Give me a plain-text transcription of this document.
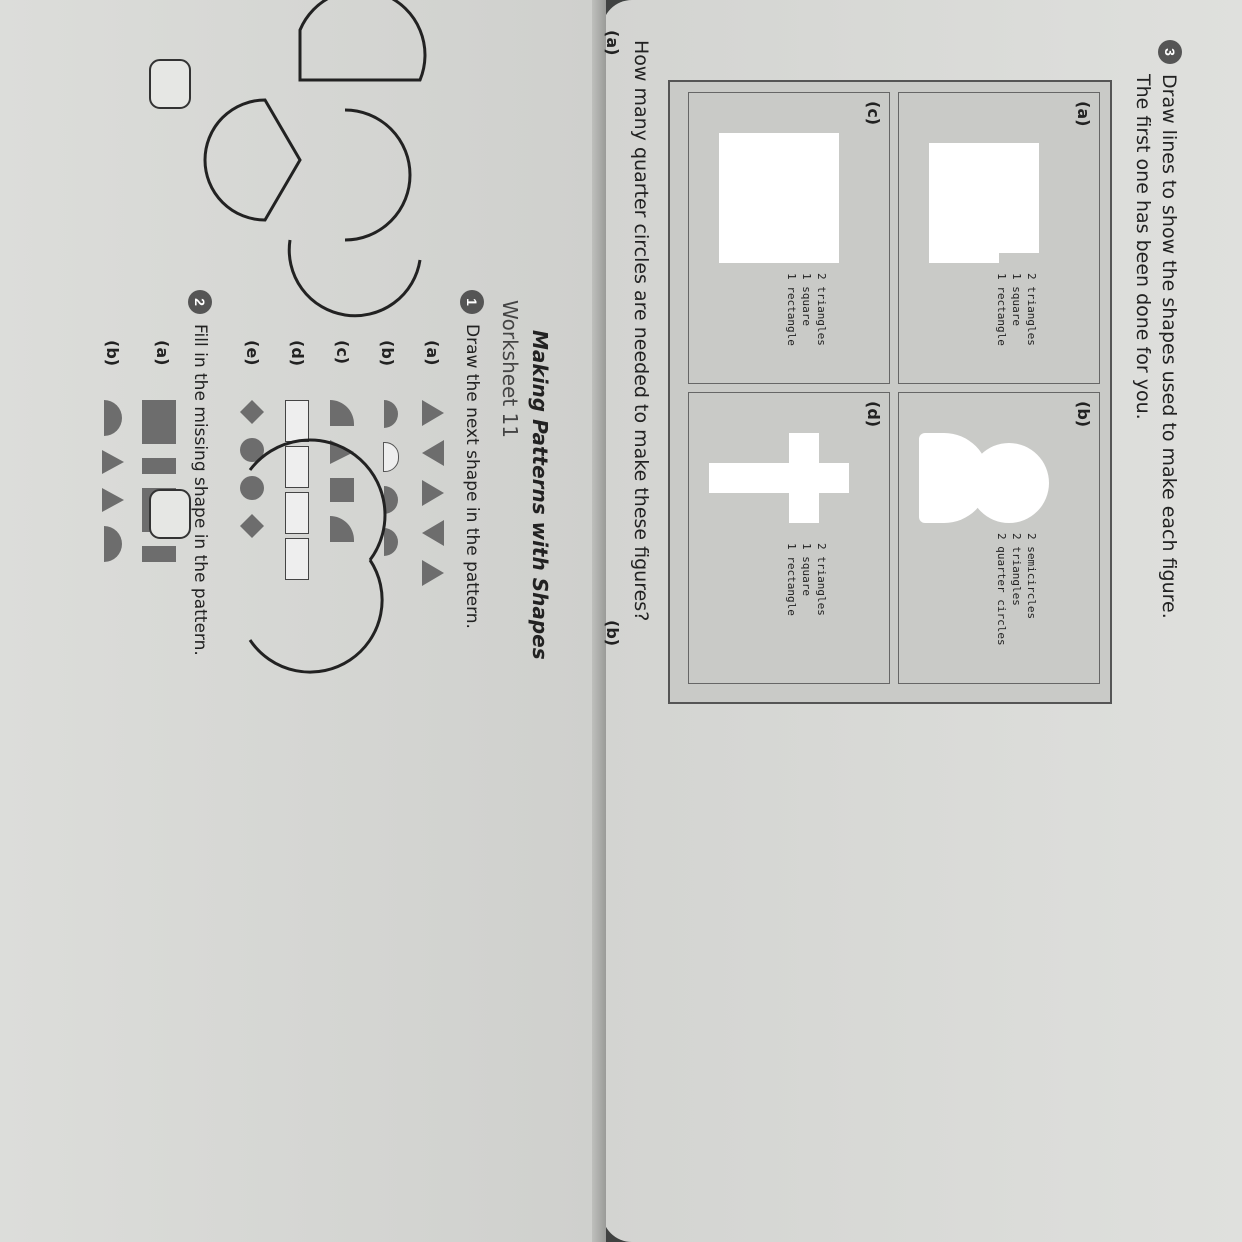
3
Draw lines to show the shapes used to make each figure.
The first one has been done for you.
(a)
2 triangles
1 square
1 rectangle
(b)
2 semicircles
2 triangles
2 quarter circles
(c)
2 triangles
1 square
1 rectangle
(d)
2 triangles
1 square
1 rectangle
How many quarter circles are needed to make these figures?
(a)
(b)
Making Patterns with Shapes
Worksheet 11
1
Draw the next shape in the pattern.
(a)
(b)
(c)
(d)
(e)
2
Fill in the missing shape in the pattern.
(a)
(b)
